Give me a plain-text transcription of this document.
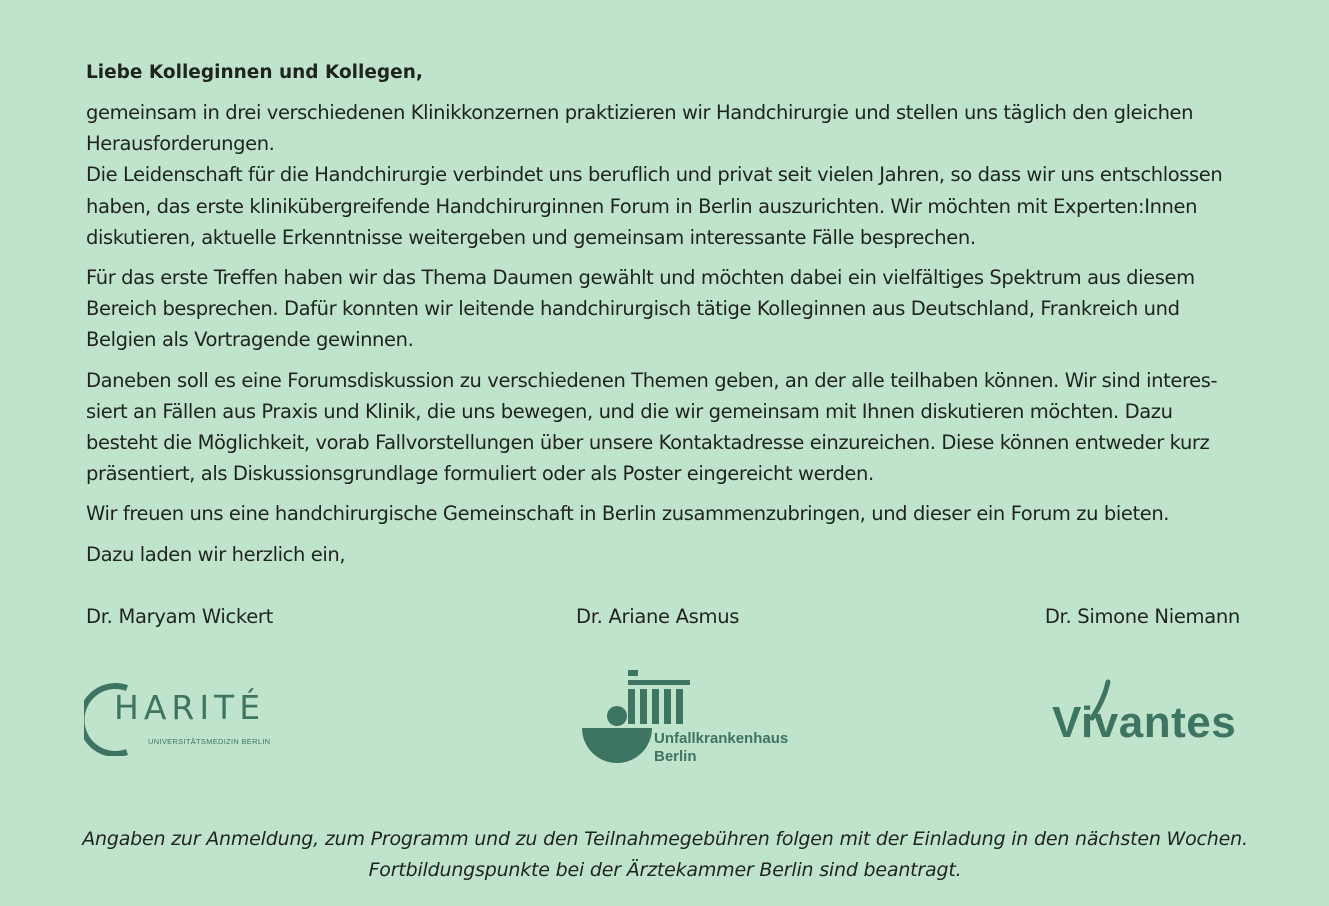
Liebe Kolleginnen und Kollegen,
gemeinsam in drei verschiedenen Klinikkonzernen praktizieren wir Handchirurgie und stellen uns täglich den gleichen
Herausforderungen.
Die Leidenschaft für die Handchirurgie verbindet uns beruflich und privat seit vielen Jahren, so dass wir uns entschlossen
haben, das erste klinikübergreifende Handchirurginnen Forum in Berlin auszurichten. Wir möchten mit Experten:Innen
diskutieren, aktuelle Erkenntnisse weitergeben und gemeinsam interessante Fälle besprechen.
Für das erste Treffen haben wir das Thema Daumen gewählt und möchten dabei ein vielfältiges Spektrum aus diesem
Bereich besprechen. Dafür konnten wir leitende handchirurgisch tätige Kolleginnen aus Deutschland, Frankreich und
Belgien als Vortragende gewinnen.
Daneben soll es eine Forumsdiskussion zu verschiedenen Themen geben, an der alle teilhaben können. Wir sind interes-
siert an Fällen aus Praxis und Klinik, die uns bewegen, und die wir gemeinsam mit Ihnen diskutieren möchten. Dazu
besteht die Möglichkeit, vorab Fallvorstellungen über unsere Kontaktadresse einzureichen. Diese können entweder kurz
präsentiert, als Diskussionsgrundlage formuliert oder als Poster eingereicht werden.
Wir freuen uns eine handchirurgische Gemeinschaft in Berlin zusammenzubringen, und dieser ein Forum zu bieten.
Dazu laden wir herzlich ein,
Dr. Maryam Wickert	Dr. Ariane Asmus	Dr. Simone Niemann
HARITÉ
UNIVERSITÄTSMEDIZIN BERLIN	Unfallkrankenhaus
Berlin
Vivantes
Angaben zur Anmeldung, zum Programm und zu den Teilnahmegebühren folgen mit der Einladung in den nächsten Wochen.
Fortbildungspunkte bei der Ärztekammer Berlin sind beantragt.
